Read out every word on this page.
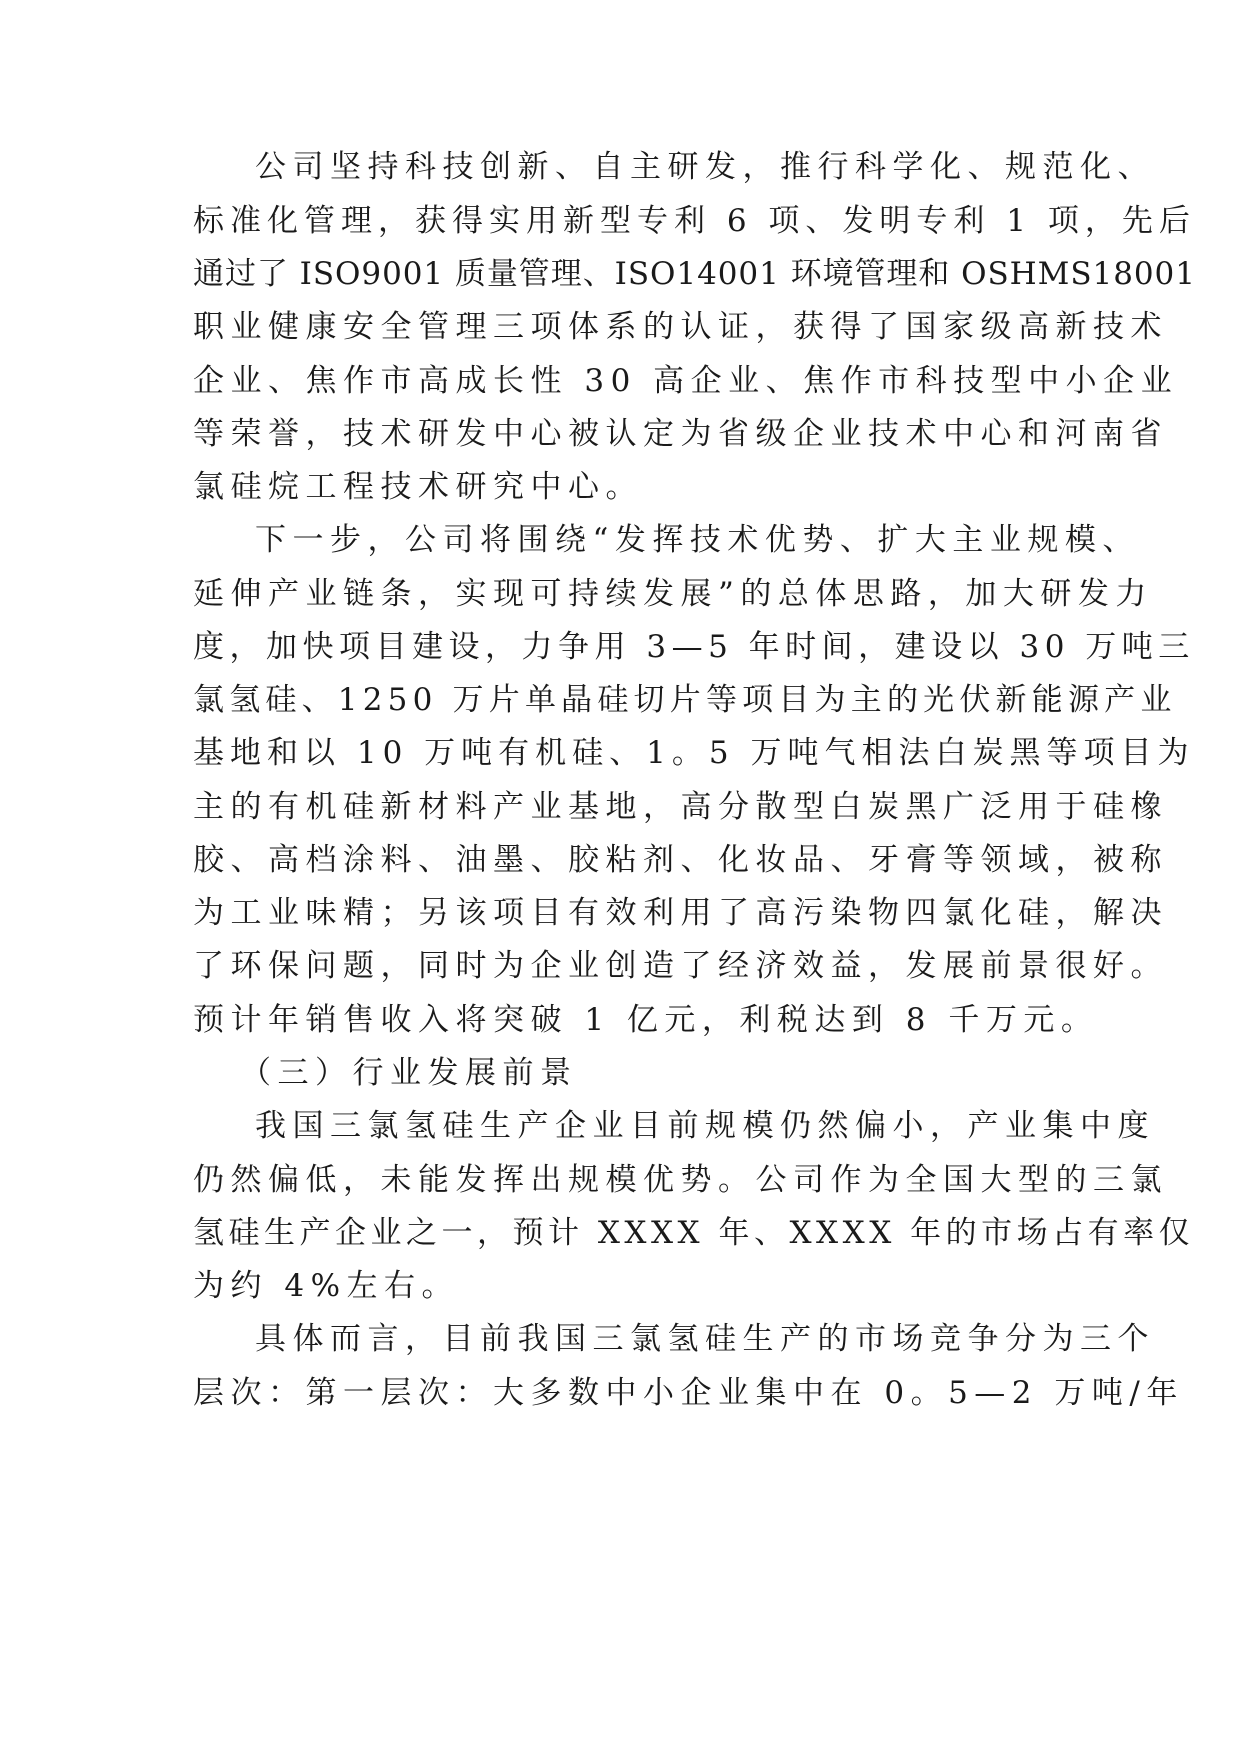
公司坚持科技创新、自主研发，推行科学化、规范化、
标准化管理，获得实用新型专利 6 项、发明专利 1 项，先后
通过了 ISO9001 质量管理、ISO14001 环境管理和 OSHMS18001
职业健康安全管理三项体系的认证，获得了国家级高新技术
企业、焦作市高成长性 30 高企业、焦作市科技型中小企业
等荣誉，技术研发中心被认定为省级企业技术中心和河南省
氯硅烷工程技术研究中心。
下一步，公司将围绕“发挥技术优势、扩大主业规模、
延伸产业链条，实现可持续发展”的总体思路，加大研发力
度，加快项目建设，力争用 3—5 年时间，建设以 30 万吨三
氯氢硅、1250 万片单晶硅切片等项目为主的光伏新能源产业
基地和以 10 万吨有机硅、1。5 万吨气相法白炭黑等项目为
主的有机硅新材料产业基地，高分散型白炭黑广泛用于硅橡
胶、高档涂料、油墨、胶粘剂、化妆品、牙膏等领域，被称
为工业味精；另该项目有效利用了高污染物四氯化硅，解决
了环保问题，同时为企业创造了经济效益，发展前景很好。
预计年销售收入将突破 1 亿元，利税达到 8 千万元。
（三）行业发展前景
我国三氯氢硅生产企业目前规模仍然偏小，产业集中度
仍然偏低，未能发挥出规模优势。公司作为全国大型的三氯
氢硅生产企业之一，预计 XXXX 年、XXXX 年的市场占有率仅
为约 4%左右。
具体而言，目前我国三氯氢硅生产的市场竞争分为三个
层次：第一层次：大多数中小企业集中在 0。5—2 万吨/年
